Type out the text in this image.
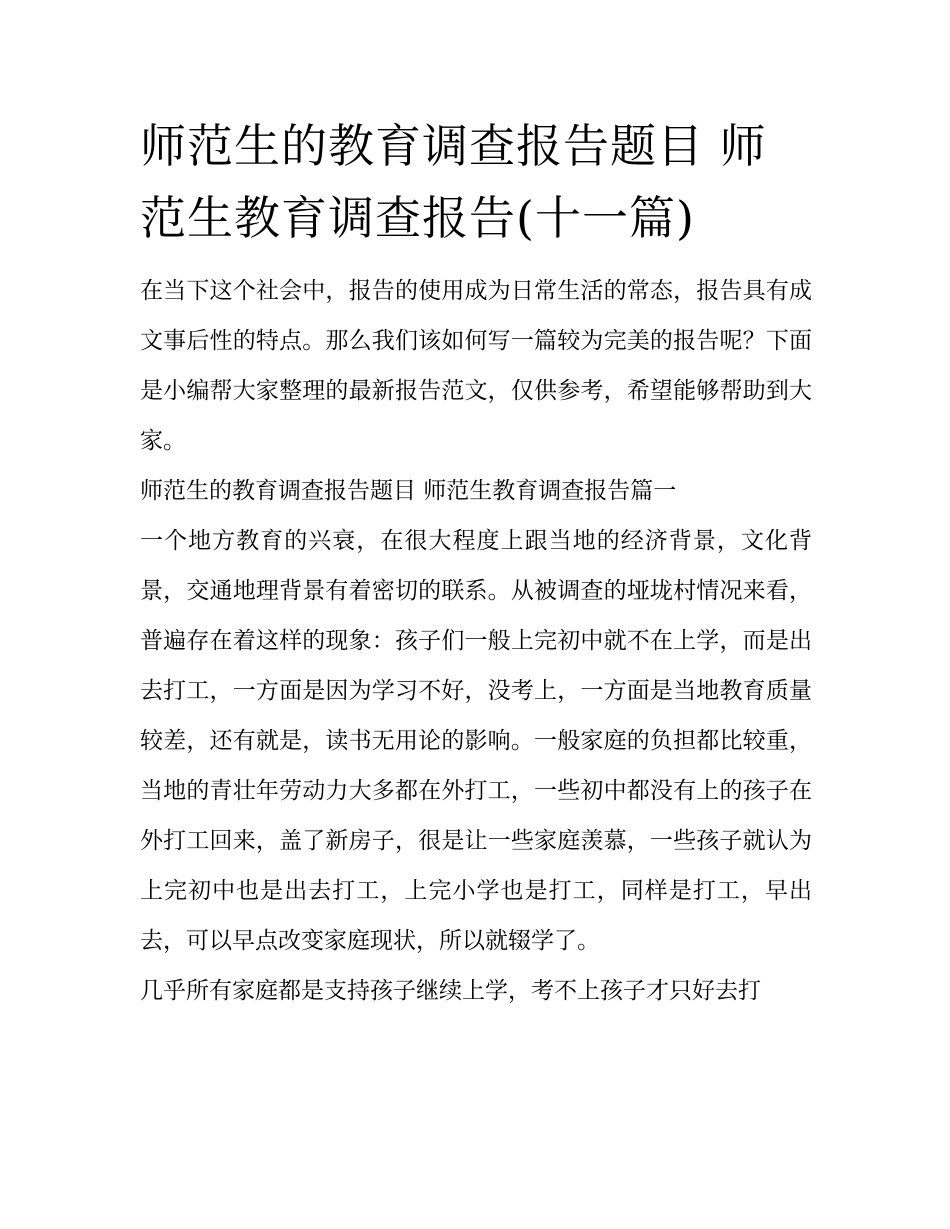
师范生的教育调查报告题目 师范生教育调查报告(十一篇)

在当下这个社会中，报告的使用成为日常生活的常态，报告具有成文事后性的特点。那么我们该如何写一篇较为完美的报告呢？下面是小编帮大家整理的最新报告范文，仅供参考，希望能够帮助到大家。

师范生的教育调查报告题目 师范生教育调查报告篇一

一个地方教育的兴衰，在很大程度上跟当地的经济背景，文化背景，交通地理背景有着密切的联系。从被调查的垭垅村情况来看，普遍存在着这样的现象：孩子们一般上完初中就不在上学，而是出去打工，一方面是因为学习不好，没考上，一方面是当地教育质量较差，还有就是，读书无用论的影响。一般家庭的负担都比较重，当地的青壮年劳动力大多都在外打工，一些初中都没有上的孩子在外打工回来，盖了新房子，很是让一些家庭羡慕，一些孩子就认为上完初中也是出去打工，上完小学也是打工，同样是打工，早出去，可以早点改变家庭现状，所以就辍学了。

几乎所有家庭都是支持孩子继续上学，考不上孩子才只好去打
